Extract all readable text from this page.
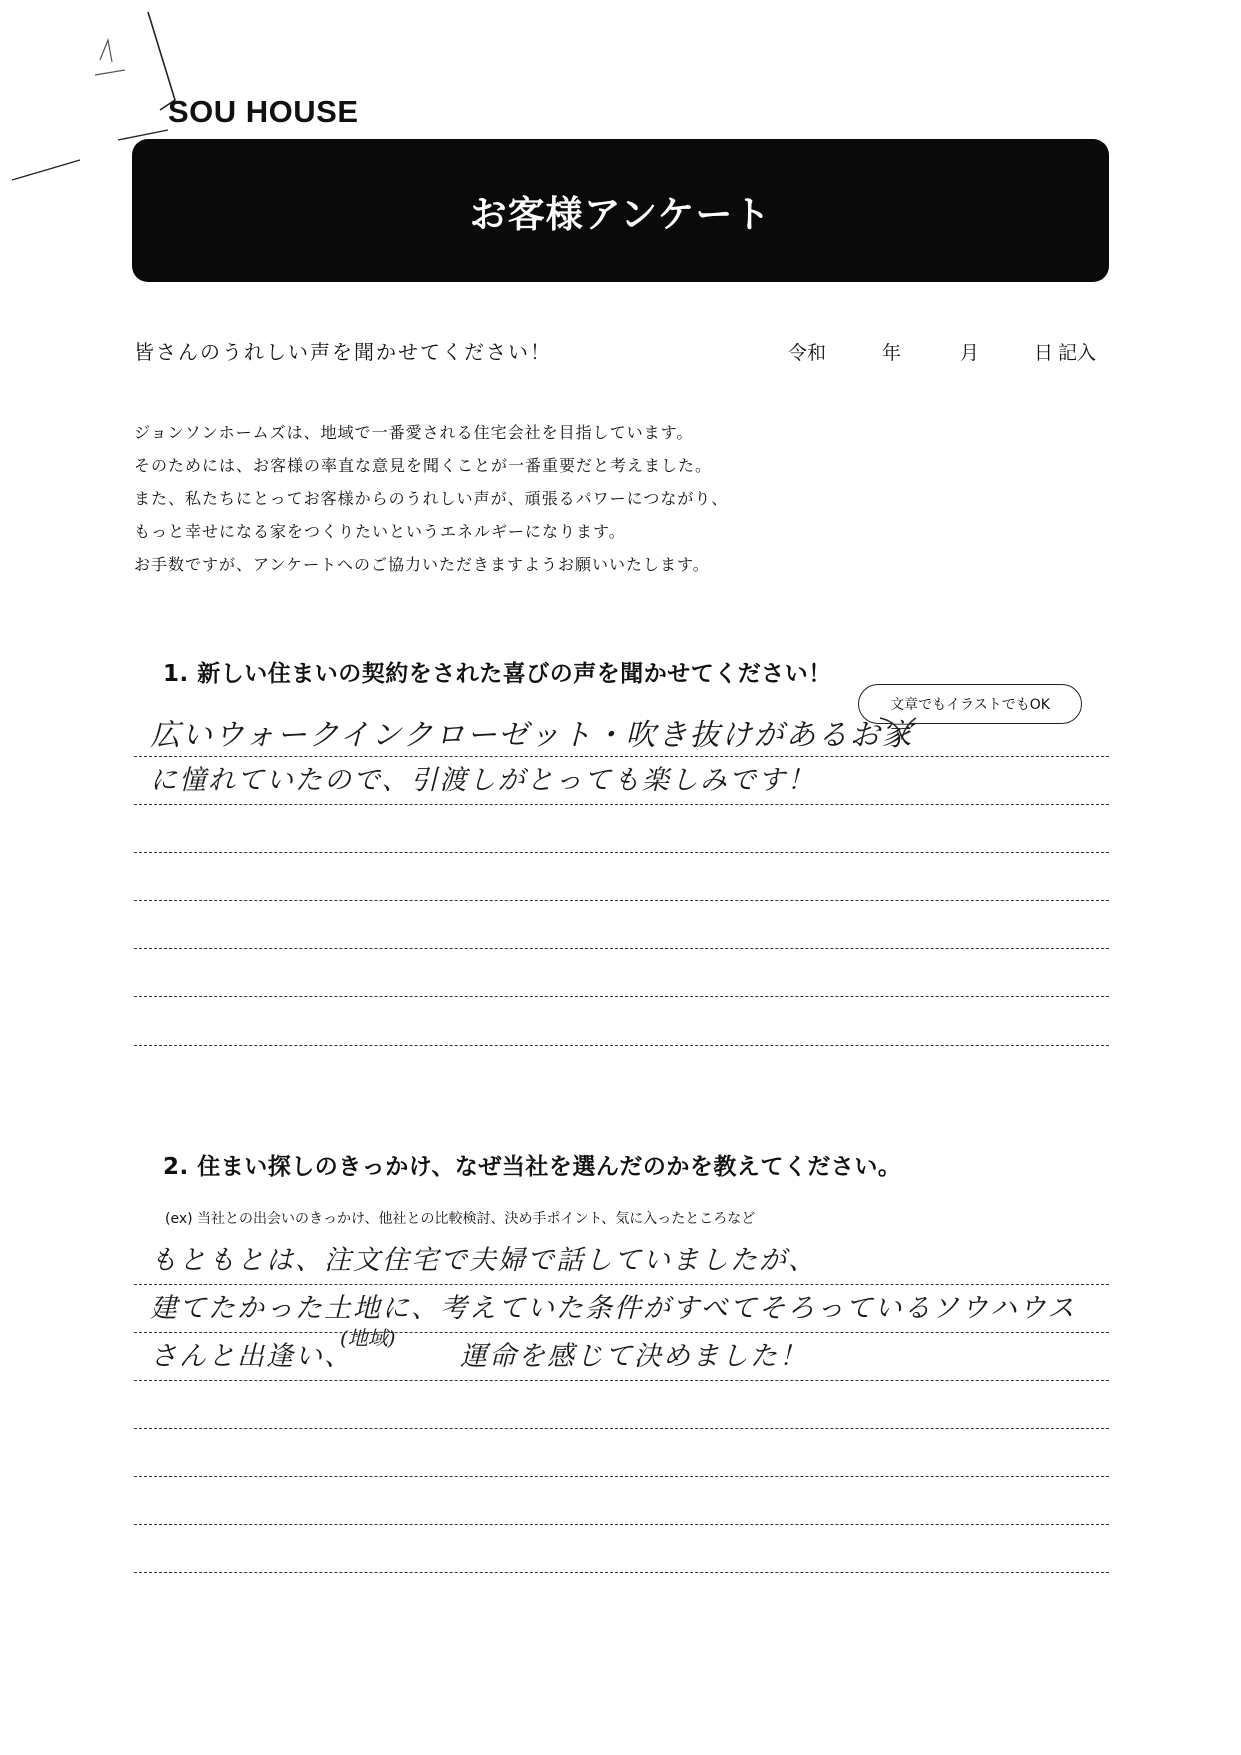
SOU HOUSE
お客様アンケート
皆さんのうれしい声を聞かせてください！	令和	年	月	日 記入
ジョンソンホームズは、地域で一番愛される住宅会社を目指しています。
そのためには、お客様の率直な意見を聞くことが一番重要だと考えました。
また、私たちにとってお客様からのうれしい声が、頑張るパワーにつながり、
もっと幸せになる家をつくりたいというエネルギーになります。
お手数ですが、アンケートへのご協力いただきますようお願いいたします。
1. 新しい住まいの契約をされた喜びの声を聞かせてください！
文章でもイラストでもOK
広いウォークインクローゼット・吹き抜けがあるお家
に憧れていたので、引渡しがとっても楽しみです！
2. 住まい探しのきっかけ、なぜ当社を選んだのかを教えてください。
(ex) 当社との出会いのきっかけ、他社との比較検討、決め手ポイント、気に入ったところなど
もともとは、注文住宅で夫婦で話していましたが、
建てたかった土地に、考えていた条件がすべてそろっているソウハウス
さんと出逢い、
(地域)
運命を感じて決めました！
